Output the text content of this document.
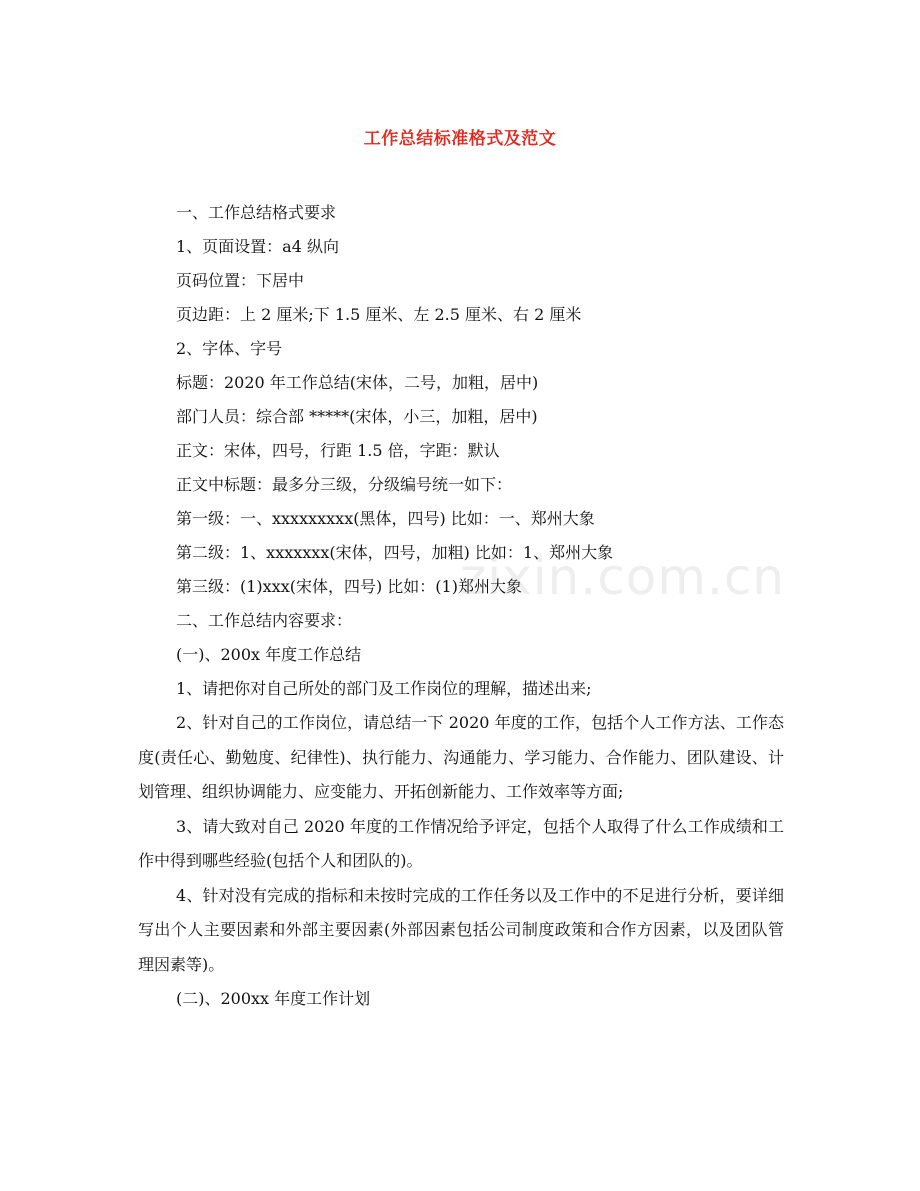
工作总结标准格式及范文
一、工作总结格式要求
1、页面设置：a4 纵向
页码位置：下居中
页边距：上 2 厘米;下 1.5 厘米、左 2.5 厘米、右 2 厘米
2、字体、字号
标题：2020 年工作总结(宋体，二号，加粗，居中)
部门人员：综合部 *****(宋体，小三，加粗，居中)
正文：宋体，四号，行距 1.5 倍，字距：默认
正文中标题：最多分三级，分级编号统一如下：
第一级：一、xxxxxxxxx(黑体，四号) 比如：一、郑州大象
第二级：1、xxxxxxx(宋体，四号，加粗) 比如：1、郑州大象
第三级：(1)xxx(宋体，四号) 比如：(1)郑州大象
二、工作总结内容要求：
(一)、200x 年度工作总结
1、请把你对自己所处的部门及工作岗位的理解，描述出来;
2、针对自己的工作岗位，请总结一下 2020 年度的工作，包括个人工作方法、工作态度(责任心、勤勉度、纪律性)、执行能力、沟通能力、学习能力、合作能力、团队建设、计划管理、组织协调能力、应变能力、开拓创新能力、工作效率等方面;
3、请大致对自己 2020 年度的工作情况给予评定，包括个人取得了什么工作成绩和工作中得到哪些经验(包括个人和团队的)。
4、针对没有完成的指标和未按时完成的工作任务以及工作中的不足进行分析，要详细写出个人主要因素和外部主要因素(外部因素包括公司制度政策和合作方因素，以及团队管理因素等)。
(二)、200xx 年度工作计划
zixin.com.cn
